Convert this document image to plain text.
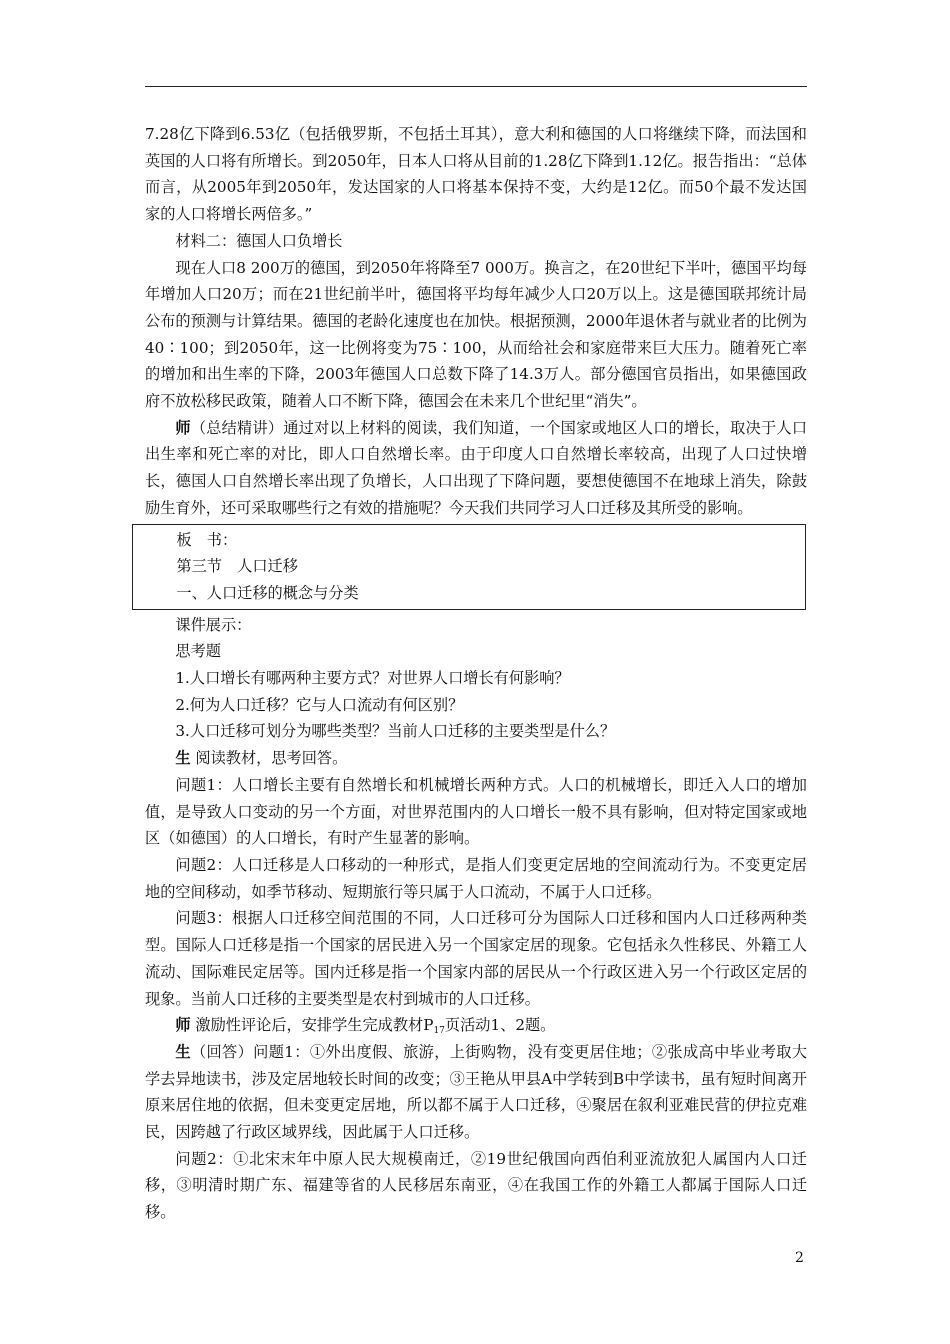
7.28亿下降到6.53亿（包括俄罗斯，不包括土耳其），意大利和德国的人口将继续下降，而法国和英国的人口将有所增长。到2050年，日本人口将从目前的1.28亿下降到1.12亿。报告指出：“总体而言，从2005年到2050年，发达国家的人口将基本保持不变，大约是12亿。而50个最不发达国家的人口将增长两倍多。”

材料二：德国人口负增长

现在人口8 200万的德国，到2050年将降至7 000万。换言之，在20世纪下半叶，德国平均每年增加人口20万；而在21世纪前半叶，德国将平均每年减少人口20万以上。这是德国联邦统计局公布的预测与计算结果。德国的老龄化速度也在加快。根据预测，2000年退休者与就业者的比例为40∶100；到2050年，这一比例将变为75∶100，从而给社会和家庭带来巨大压力。随着死亡率的增加和出生率的下降，2003年德国人口总数下降了14.3万人。部分德国官员指出，如果德国政府不放松移民政策，随着人口不断下降，德国会在未来几个世纪里“消失”。

师（总结精讲）通过对以上材料的阅读，我们知道，一个国家或地区人口的增长，取决于人口出生率和死亡率的对比，即人口自然增长率。由于印度人口自然增长率较高，出现了人口过快增长，德国人口自然增长率出现了负增长，人口出现了下降问题，要想使德国不在地球上消失，除鼓励生育外，还可采取哪些行之有效的措施呢？今天我们共同学习人口迁移及其所受的影响。

板　书：

第三节　人口迁移

一、人口迁移的概念与分类

课件展示：

思考题

1.人口增长有哪两种主要方式？对世界人口增长有何影响？

2.何为人口迁移？它与人口流动有何区别？

3.人口迁移可划分为哪些类型？当前人口迁移的主要类型是什么？

生 阅读教材，思考回答。

问题1：人口增长主要有自然增长和机械增长两种方式。人口的机械增长，即迁入人口的增加值，是导致人口变动的另一个方面，对世界范围内的人口增长一般不具有影响，但对特定国家或地区（如德国）的人口增长，有时产生显著的影响。

问题2：人口迁移是人口移动的一种形式，是指人们变更定居地的空间流动行为。不变更定居地的空间移动，如季节移动、短期旅行等只属于人口流动，不属于人口迁移。

问题3：根据人口迁移空间范围的不同，人口迁移可分为国际人口迁移和国内人口迁移两种类型。国际人口迁移是指一个国家的居民进入另一个国家定居的现象。它包括永久性移民、外籍工人流动、国际难民定居等。国内迁移是指一个国家内部的居民从一个行政区进入另一个行政区定居的现象。当前人口迁移的主要类型是农村到城市的人口迁移。

师 激励性评论后，安排学生完成教材$P_{17}$页活动1、2题。

生（回答）问题1：①外出度假、旅游，上街购物，没有变更居住地；②张成高中毕业考取大学去异地读书，涉及定居地较长时间的改变；③王艳从甲县A中学转到B中学读书，虽有短时间离开原来居住地的依据，但未变更定居地，所以都不属于人口迁移，④聚居在叙利亚难民营的伊拉克难民，因跨越了行政区域界线，因此属于人口迁移。

问题2：①北宋末年中原人民大规模南迁，②19世纪俄国向西伯利亚流放犯人属国内人口迁移，③明清时期广东、福建等省的人民移居东南亚，④在我国工作的外籍工人都属于国际人口迁移。

2
